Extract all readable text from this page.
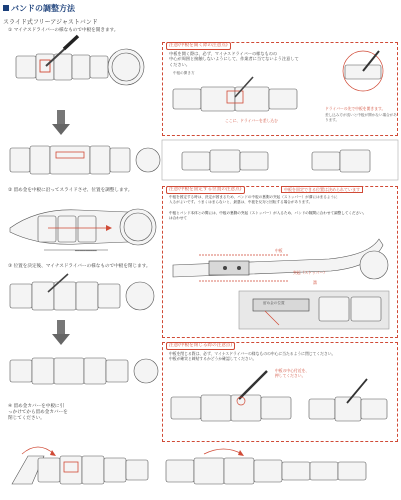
バンドの調整方法
スライド式フリーアジャストバンド
① マイナスドライバーの様なもので中板を開きます。
注意(中板を開く際の注意点)
中板を開く際は、必ず、マイナスドライバーの様なものの
中心が周囲と接触しないようにして、作業者に当てないよう注意して
ください。
中板の開き方
ここに、ドライバーを差し込む
ドライバーの先で中板を開きます。
差し込み方が浅いと中板が開かない場合があります。
② 留め金を中板に沿ってスライドさせ、位置を調整します。
━━━━━━━━━━
③ 位置を決定後、マイナスドライバーの様なもので中板を閉じます。
注意(中板を固定する位置の注意点)	中板を固定できる位置は決められています
中板を固定する時は、決定が固まるため、バンドの中板の裏側の突起（ストッパー）が溝にはまるように
入るがよいです。うまくはまらないと、最悪は、中板を反対と回転する場合があります。
中板とバンド本体との間には、中板の裏側の突起（ストッパー）が入るため、パンドの隙間に合わせて調整してください。
は合わせて
中板
突起（ストッパー）
溝
留め金の位置
注意(中板を閉じる際の注意点)
中板を閉じる際は、必ず、マイナスドライバーの様なものの中心に当たるように閉じてください。
中板が確実と締結するかどうか確認してください。
中板の中心付近を、
押してください。
④ 留め金カバーを中板に引
っかけてから留め金カバーを
閉じてください。
